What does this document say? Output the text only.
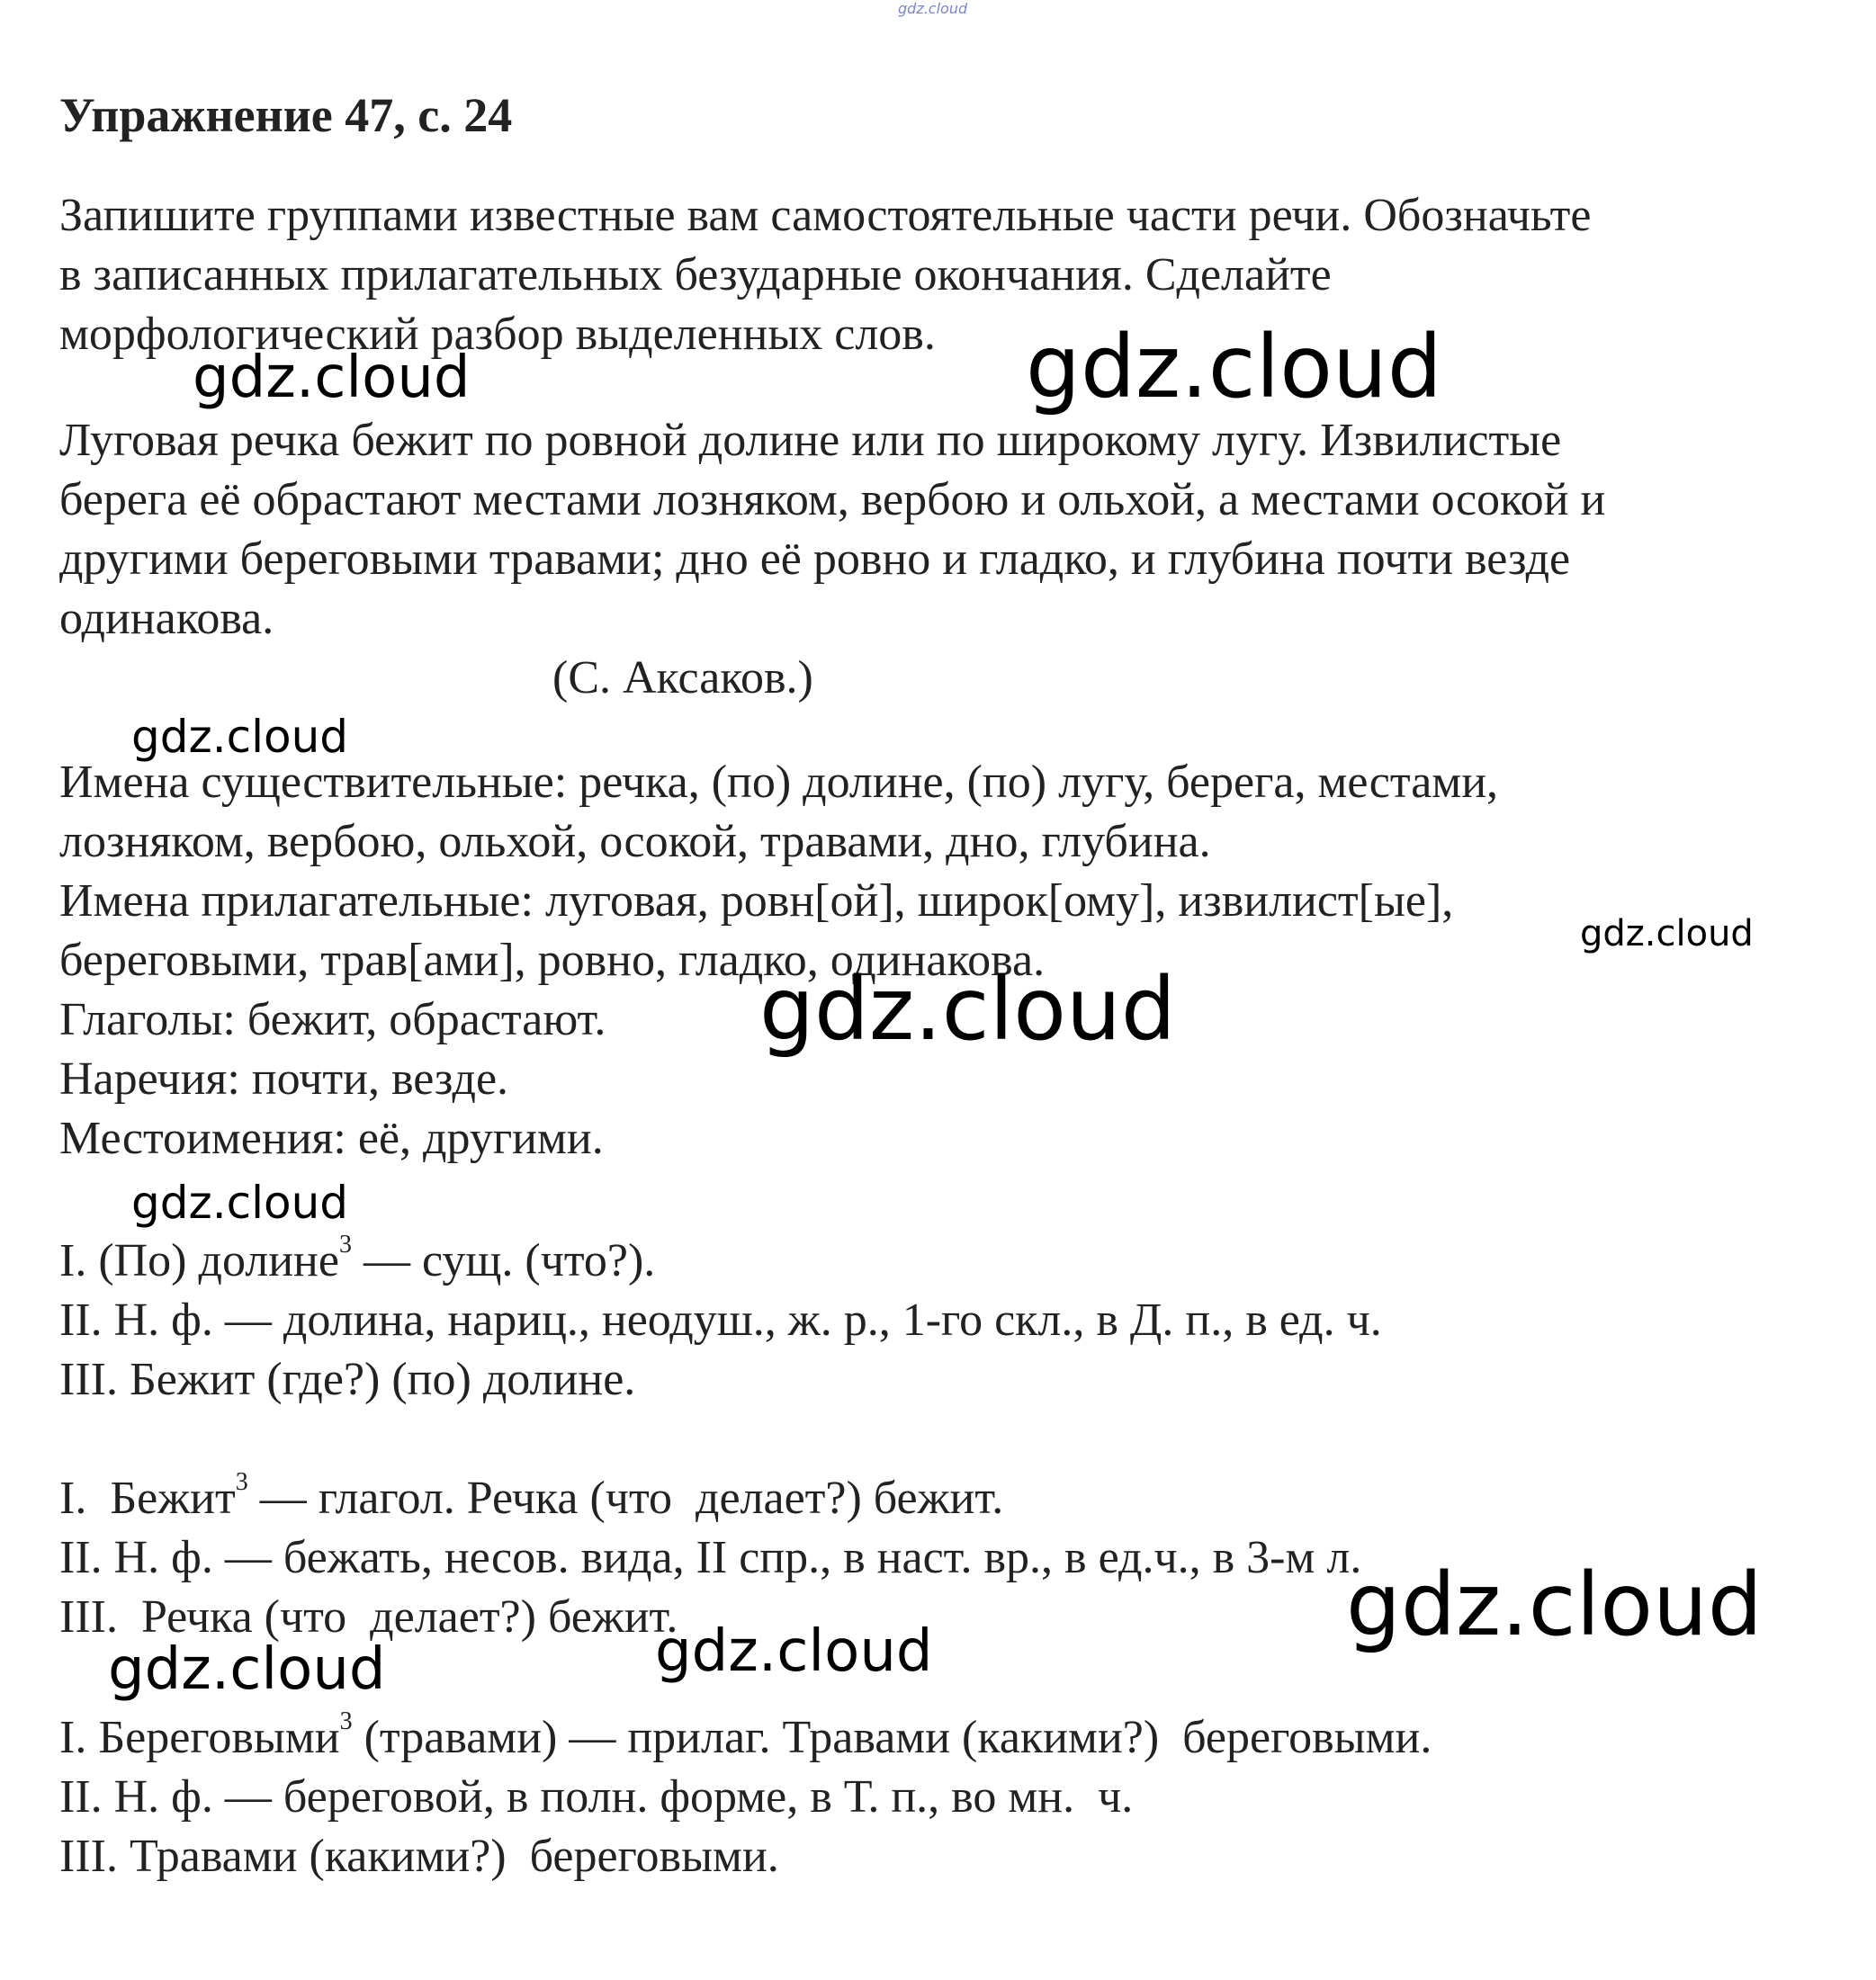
gdz.cloud
Упражнение 47, с. 24
Запишите группами известные вам самостоятельные части речи. Обозначьте
в записанных прилагательных безударные окончания. Сделайте
морфологический разбор выделенных слов.
Луговая речка бежит по ровной долине или по широкому лугу. Извилистые
берега её обрастают местами лозняком, вербою и ольхой, а местами осокой и
другими береговыми травами; дно её ровно и гладко, и глубина почти везде
одинакова.
(С. Аксаков.)
Имена существительные: речка, (по) долине, (по) лугу, берега, местами,
лозняком, вербою, ольхой, осокой, травами, дно, глубина.
Имена прилагательные: луговая, ровн[ой], широк[ому], извилист[ые],
береговыми, трав[ами], ровно, гладко, одинакова.
Глаголы: бежит, обрастают.
Наречия: почти, везде.
Местоимения: её, другими.
I. (По) долине$^3$ — сущ. (что?).
II. Н. ф. — долина, нариц., неодуш., ж. р., 1-го скл., в Д. п., в ед. ч.
III. Бежит (где?) (по) долине.
I.  Бежит$^3$ — глагол. Речка (что  делает?) бежит.
II. Н. ф. — бежать, несов. вида, II спр., в наст. вр., в ед.ч., в 3-м л.
III.  Речка (что  делает?) бежит.
I. Береговыми$^3$ (травами) — прилаг. Травами (какими?)  береговыми.
II. Н. ф. — береговой, в полн. форме, в Т. п., во мн.  ч.
III. Травами (какими?)  береговыми.
gdz.cloud	gdz.cloud
gdz.cloud
gdz.cloud
gdz.cloud
gdz.cloud
gdz.cloud
gdz.cloud
gdz.cloud
